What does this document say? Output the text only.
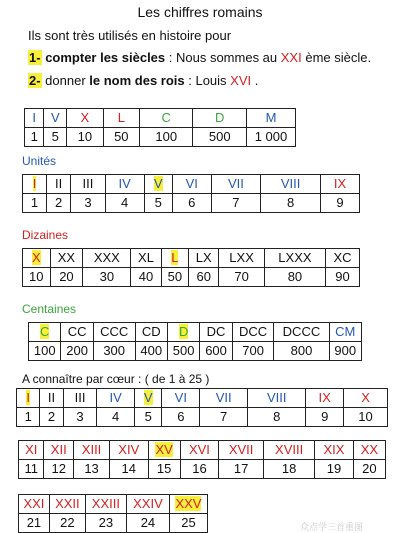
Les chiffres romains
Ils sont très utilisés en histoire pour
1- compter les siècles : Nous sommes au XXI ème siècle.
2- donner le nom des rois : Louis XVI .
I	V	X	L	C	D	M
1	5	10	50	100	500	1 000
Unités
I	II	III	IV	V	VI	VII	VIII	IX
1	2	3	4	5	6	7	8	9
Dizaines
X	XX	XXX	XL	L	LX	LXX	LXXX	XC
10	20	30	40	50	60	70	80	90
Centaines
C	CC	CCC	CD	D	DC	DCC	DCCC	CM
100	200	300	400	500	600	700	800	900
A connaître par cœur : ( de 1 à 25 )
I	II	III	IV	V	VI	VII	VIII	IX	X
1	2	3	4	5	6	7	8	9	10
XI	XII	XIII	XIV	XV	XVI	XVII	XVIII	XIX	XX
11	12	13	14	15	16	17	18	19	20
XXI	XXII	XXIII	XXIV	XXV
21	22	23	24	25	众点学三首重图
